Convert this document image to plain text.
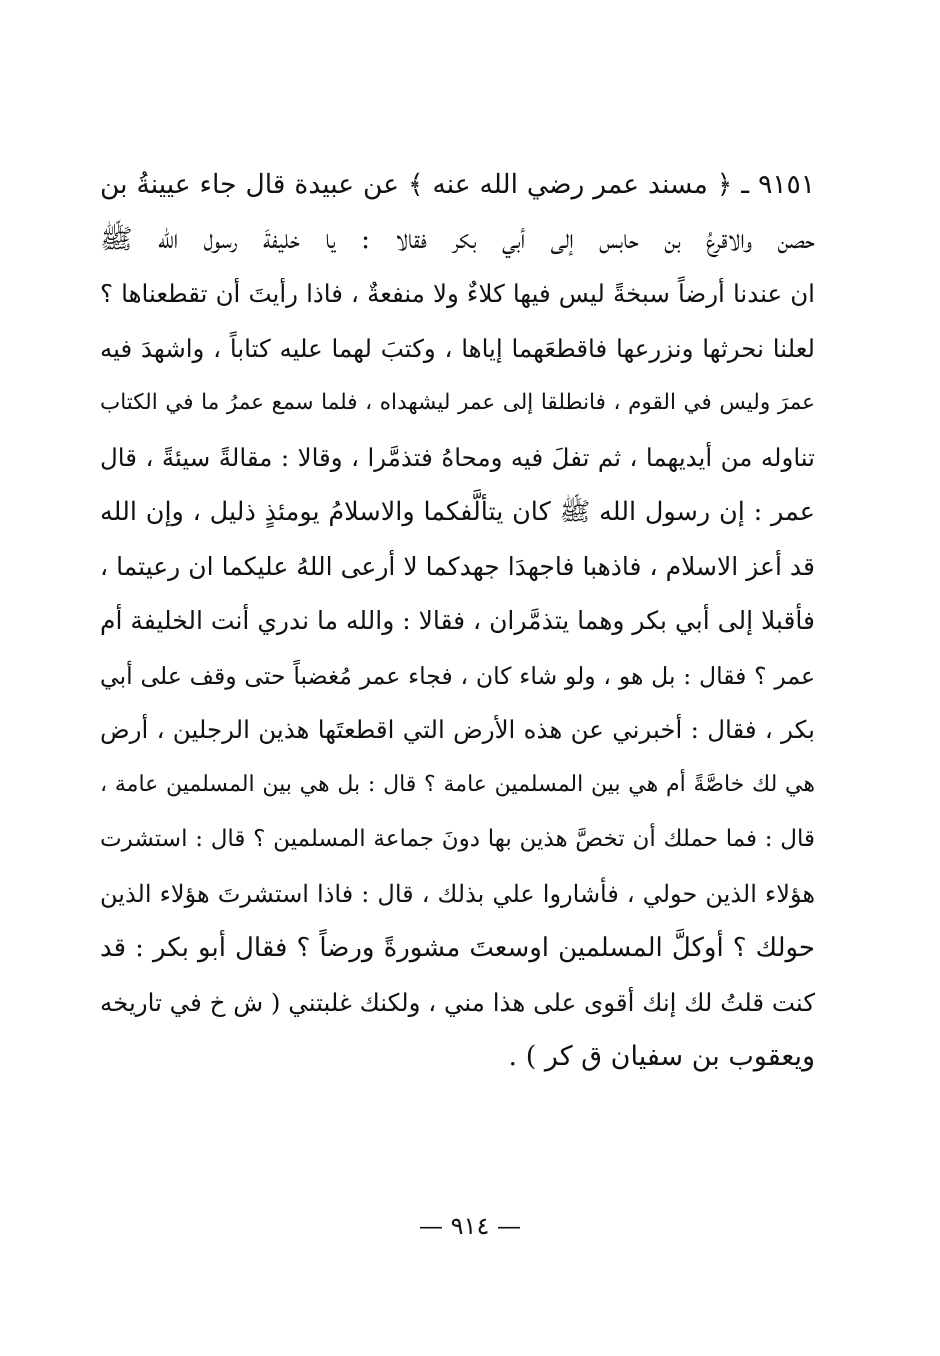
٩١٥١ ـ ﴿ مسند عمر رضي الله عنه ﴾ عن عبيدة قال جاء عيينةُ بن
حصن والاقرعُ بن حابس إلى أبي بكر فقالا : يا خليفةَ رسول الله ﷺ
ان عندنا أرضاً سبخةً ليس فيها كلاءٌ ولا منفعةٌ ، فاذا رأيتَ أن تقطعناها ؟
لعلنا نحرثها ونزرعها فاقطعَهما إياها ، وكتبَ لهما عليه كتاباً ، واشهدَ فيه
عمرَ وليس في القوم ، فانطلقا إلى عمر ليشهداه ، فلما سمع عمرُ ما في الكتاب
تناوله من أيديهما ، ثم تفلَ فيه ومحاهُ فتذمَّرا ، وقالا : مقالةً سيئةً ، قال
عمر : إن رسول الله ﷺ كان يتألَّفكما والاسلامُ يومئذٍ ذليل ، وإن الله
قد أعز الاسلام ، فاذهبا فاجهدَا جهدكما لا أرعى اللهُ عليكما ان رعيتما ،
فأقبلا إلى أبي بكر وهما يتذمَّران ، فقالا : والله ما ندري أنت الخليفة أم
عمر ؟ فقال : بل هو ، ولو شاء كان ، فجاء عمر مُغضباً حتى وقف على أبي
بكر ، فقال : أخبرني عن هذه الأرض التي اقطعتَها هذين الرجلين ، أرض
هي لك خاصَّةً أم هي بين المسلمين عامة ؟ قال : بل هي بين المسلمين عامة ،
قال : فما حملك أن تخصَّ هذين بها دونَ جماعة المسلمين ؟ قال : استشرت
هؤلاء الذين حولي ، فأشاروا علي بذلك ، قال : فاذا استشرتَ هؤلاء الذين
حولك ؟ أوكلَّ المسلمين اوسعتَ مشورةً ورضاً ؟ فقال أبو بكر : قد
كنت قلتُ لك إنك أقوى على هذا مني ، ولكنك غلبتني ( ش خ في تاريخه
ويعقوب بن سفيان ق كر ) .
— ٩١٤ —
